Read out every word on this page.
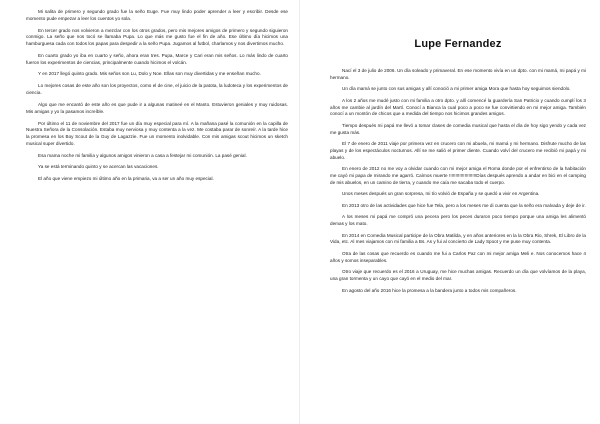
Mi salita de primero y segundo grado fue la seño Euge. Fue muy lindo poder aprender a leer y escribir. Desde ese momento pude empezar a leer los cuentos yo sola.

En tercer grado nos volvieron a mezclar con los otros grados, pero mis mejores amigos de primero y segundo siguieron conmigo. La seño que nos tocó se llamaba Pupa. Lo que más me gusto fue el fin de año. Ese último día hicimos una hamburguesa cada con todos los papas para despedir a la seño Pupa. Jugamos al futbol, charlamos y nos divertimos mucho.

En cuarto grado yo iba en cuarto y seño, ahora eran tres. Pupa, Marce y Cari eran mis seños. Lo más lindo de cuarto fueron los experimentos de ciencias, principalmente cuando hicimos el volcán.

Y en 2017 llegó quinto grado. Mis seños son Lu, Dolo y Noe. Ellas son muy divertidas y me enseñan mucho.

Lo mejores cosas de este año son los proyectos, como el de cine, el juicio de la patota, la ludoteca y los experimentos de ciencia.

Algo que me encantó de este año es que pude ir a algunas matineé en el Manto. Estuvieron geniales y muy ruidosas. Mis amigas y yo la pasamos increíble.

Por último el 11 de noviembre del 2017 fue un día muy especial para mí. A la mañana pasé la comunión en la capilla de Nuestra Señora de la Consolación. Estaba muy nerviosa y muy contenta a la vez. Me costaba parar de sonreír. A la tarde hice la promesa en los Boy Scout de la Guy de Lagazzie. Fue un momento inolvidable. Con mis amigas scout hicimos un sketch musical super divertido.

Esa mama noche mi familia y algunos amigos vinieron a casa a festejar mi comunión. La pasé genial.

Ya se está terminando quinto y se acercan las vacaciones.

El año que viene empiezo mi último año en la primaria, va a ser un año muy especial.

Lupe Fernandez

Nací el 3 de julio de 2006. Un día soleado y primaveral. En ese momento vivía en un dpto. con mi mamá, mi papá y mi hermano.

Un día mamá se junto con sus amigas y allí conoció a mi primer amiga Mora que hasta hoy seguimos siendolo.

A los 2 años me mudé justo con mi familia a otro dpto. y allí comencé la guardería San Patricio y cuando cumplí los 3 años me cambie al jardín del Martí. Conocí a Bianca la cual poco a poco se fue convirtiendo en mi mejor amiga. También conocí a un montón de chicos que a medida del tiempo nos hicimos grandes amigos.

Tiempo después mi papá me llevó a tomar clases de comedia musical que hasta el día de hoy sigo yendo y cada vez me gusta más.

El 7 de enero de 2011 viaje por primera vez en crucero con mi abuela, mi mamá y mi hermano. Disfrute mucho de las playas y de los espectáculos nocturnos. Allí se me salió el primer diente. Cuando volví del crucero me recibió mi papá y mi abuelo.

En enero de 2012 no me voy a olvidar cuando con mi mejor amiga el Roma donde por el enfrentirso de la habitación me cayó mi papa de mirando me agarró. Caímos muerte !!!!!!!!!!!!!!!!!!!!!Días después aprendo a andar en bici en el camping de mis abuelos, en un camino de tierra, y cuando me caía me sacaba todo el cuerpo.

Unos meses después un gran sorpresa, mi tío volvió de España y se quedó a vivir en Argentina.

En 2013 otro de las actividades que hice fue Tela, pero a los meses me di cuenta que la seño era malvada y deje de ir.

A los meses mi papá me compró una pecera pero los peces duraron poco tiempo porque una amiga les alimentó demas y los mato.

En 2014 en Comedia Musical participe de la Obra Matilda, y en años anteriores en la la Obra Rio, Shrek, El Libro de la Vida, etc. Al mes viajamos con mi familia a Bs. As y fui al concierto de Lady Spoot y me puse muy contenta.

Otra de las cosas que recuerdo es cuando me fui a Carlos Paz con mi mejor amiga Meli e. Nos conocemos hace 4 años y somos inseparables.

Otro viaje que recuerdo es el 2016 a Uruguay, me hice muchas amigas. Recuerdo un día que volvíamos de la playa, una gran tormenta y un cayo que cayó en el medio del mar.

En agosto del año 2016 hice la promesa a la bandera junto a todos mis compañeros.
